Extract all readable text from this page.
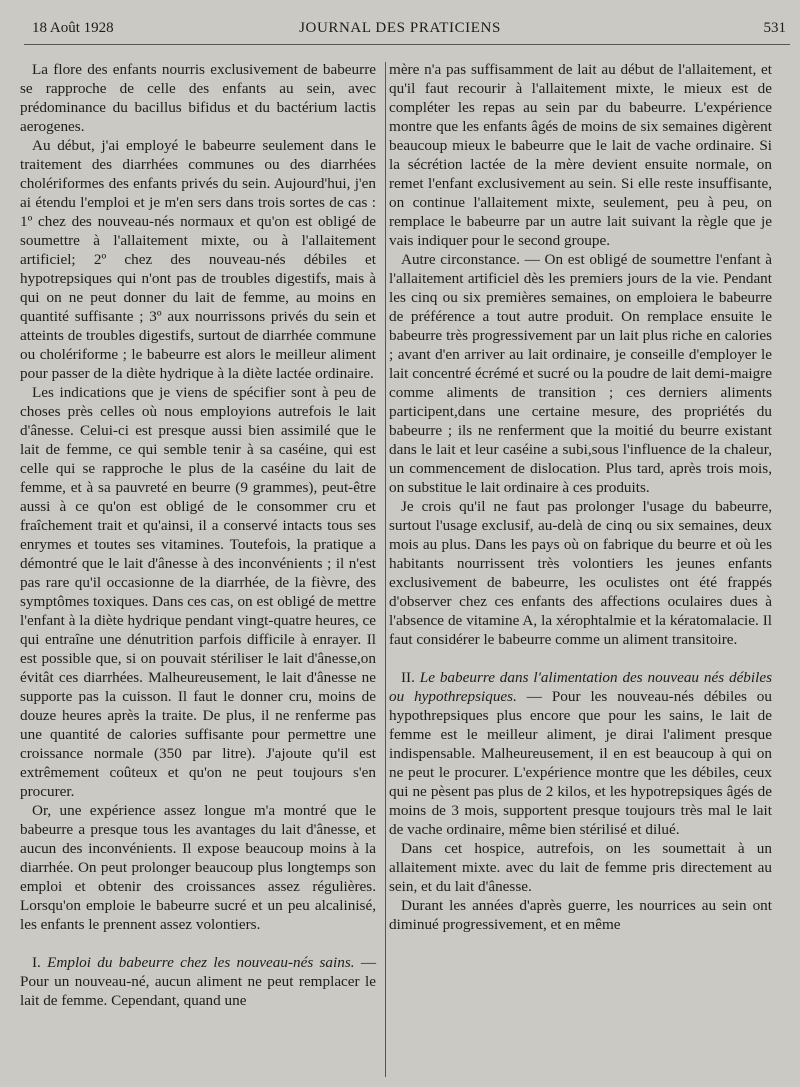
18 Août 1928	JOURNAL DES PRATICIENS	531

La flore des enfants nourris exclusivement de babeurre se rapproche de celle des enfants au sein, avec prédominance du bacillus bifidus et du bactérium lactis aerogenes.

Au début, j'ai employé le babeurre seulement dans le traitement des diarrhées communes ou des diarrhées cholériformes des enfants privés du sein. Aujourd'hui, j'en ai étendu l'emploi et je m'en sers dans trois sortes de cas : 1º chez des nouveau-nés normaux et qu'on est obligé de soumettre à l'allaitement mixte, ou à l'allaitement artificiel; 2º chez des nouveau-nés débiles et hypotrepsiques qui n'ont pas de troubles digestifs, mais à qui on ne peut donner du lait de femme, au moins en quantité suffisante ; 3º aux nourrissons privés du sein et atteints de troubles digestifs, surtout de diarrhée commune ou cholériforme ; le babeurre est alors le meilleur aliment pour passer de la diète hydrique à la diète lactée ordinaire.

Les indications que je viens de spécifier sont à peu de choses près celles où nous employions autrefois le lait d'ânesse. Celui-ci est presque aussi bien assimilé que le lait de femme, ce qui semble tenir à sa caséine, qui est celle qui se rapproche le plus de la caséine du lait de femme, et à sa pauvreté en beurre (9 grammes), peut-être aussi à ce qu'on est obligé de le consommer cru et fraîchement trait et qu'ainsi, il a conservé intacts tous ses enrymes et toutes ses vitamines. Toutefois, la pratique a démontré que le lait d'ânesse à des inconvénients ; il n'est pas rare qu'il occasionne de la diarrhée, de la fièvre, des symptômes toxiques. Dans ces cas, on est obligé de mettre l'enfant à la diète hydrique pendant vingt-quatre heures, ce qui entraîne une dénutrition parfois difficile à enrayer. Il est possible que, si on pouvait stériliser le lait d'ânesse,on évitât ces diarrhées. Malheureusement, le lait d'ânesse ne supporte pas la cuisson. Il faut le donner cru, moins de douze heures après la traite. De plus, il ne renferme pas une quantité de calories suffisante pour permettre une croissance normale (350 par litre). J'ajoute qu'il est extrêmement coûteux et qu'on ne peut toujours s'en procurer.

Or, une expérience assez longue m'a montré que le babeurre a presque tous les avantages du lait d'ânesse, et aucun des inconvénients. Il expose beaucoup moins à la diarrhée. On peut prolonger beaucoup plus longtemps son emploi et obtenir des croissances assez régulières. Lorsqu'on emploie le babeurre sucré et un peu alcalinisé, les enfants le prennent assez volontiers.

I. Emploi du babeurre chez les nouveau-nés sains. — Pour un nouveau-né, aucun aliment ne peut remplacer le lait de femme. Cependant, quand une

mère n'a pas suffisamment de lait au début de l'allaitement, et qu'il faut recourir à l'allaitement mixte, le mieux est de compléter les repas au sein par du babeurre. L'expérience montre que les enfants âgés de moins de six semaines digèrent beaucoup mieux le babeurre que le lait de vache ordinaire. Si la sécrétion lactée de la mère devient ensuite normale, on remet l'enfant exclusivement au sein. Si elle reste insuffisante, on continue l'allaitement mixte, seulement, peu à peu, on remplace le babeurre par un autre lait suivant la règle que je vais indiquer pour le second groupe.

Autre circonstance. — On est obligé de soumettre l'enfant à l'allaitement artificiel dès les premiers jours de la vie. Pendant les cinq ou six premières semaines, on emploiera le babeurre de préférence a tout autre produit. On remplace ensuite le babeurre très progressivement par un lait plus riche en calories ; avant d'en arriver au lait ordinaire, je conseille d'employer le lait concentré écrémé et sucré ou la poudre de lait demi-maigre comme aliments de transition ; ces derniers aliments participent,dans une certaine mesure, des propriétés du babeurre ; ils ne renferment que la moitié du beurre existant dans le lait et leur caséine a subi,sous l'influence de la chaleur, un commencement de dislocation. Plus tard, après trois mois, on substitue le lait ordinaire à ces produits.

Je crois qu'il ne faut pas prolonger l'usage du babeurre, surtout l'usage exclusif, au-delà de cinq ou six semaines, deux mois au plus. Dans les pays où on fabrique du beurre et où les habitants nourrissent très volontiers les jeunes enfants exclusivement de babeurre, les oculistes ont été frappés d'observer chez ces enfants des affections oculaires dues à l'absence de vitamine A, la xérophtalmie et la kératomalacie. Il faut considérer le babeurre comme un aliment transitoire.

II. Le babeurre dans l'alimentation des nouveau nés débiles ou hypothrepsiques. — Pour les nouveau-nés débiles ou hypothrepsiques plus encore que pour les sains, le lait de femme est le meilleur aliment, je dirai l'aliment presque indispensable. Malheureusement, il en est beaucoup à qui on ne peut le procurer. L'expérience montre que les débiles, ceux qui ne pèsent pas plus de 2 kilos, et les hypotrepsiques âgés de moins de 3 mois, supportent presque toujours très mal le lait de vache ordinaire, même bien stérilisé et dilué.

Dans cet hospice, autrefois, on les soumettait à un allaitement mixte. avec du lait de femme pris directement au sein, et du lait d'ânesse.

Durant les années d'après guerre, les nourrices au sein ont diminué progressivement, et en même
